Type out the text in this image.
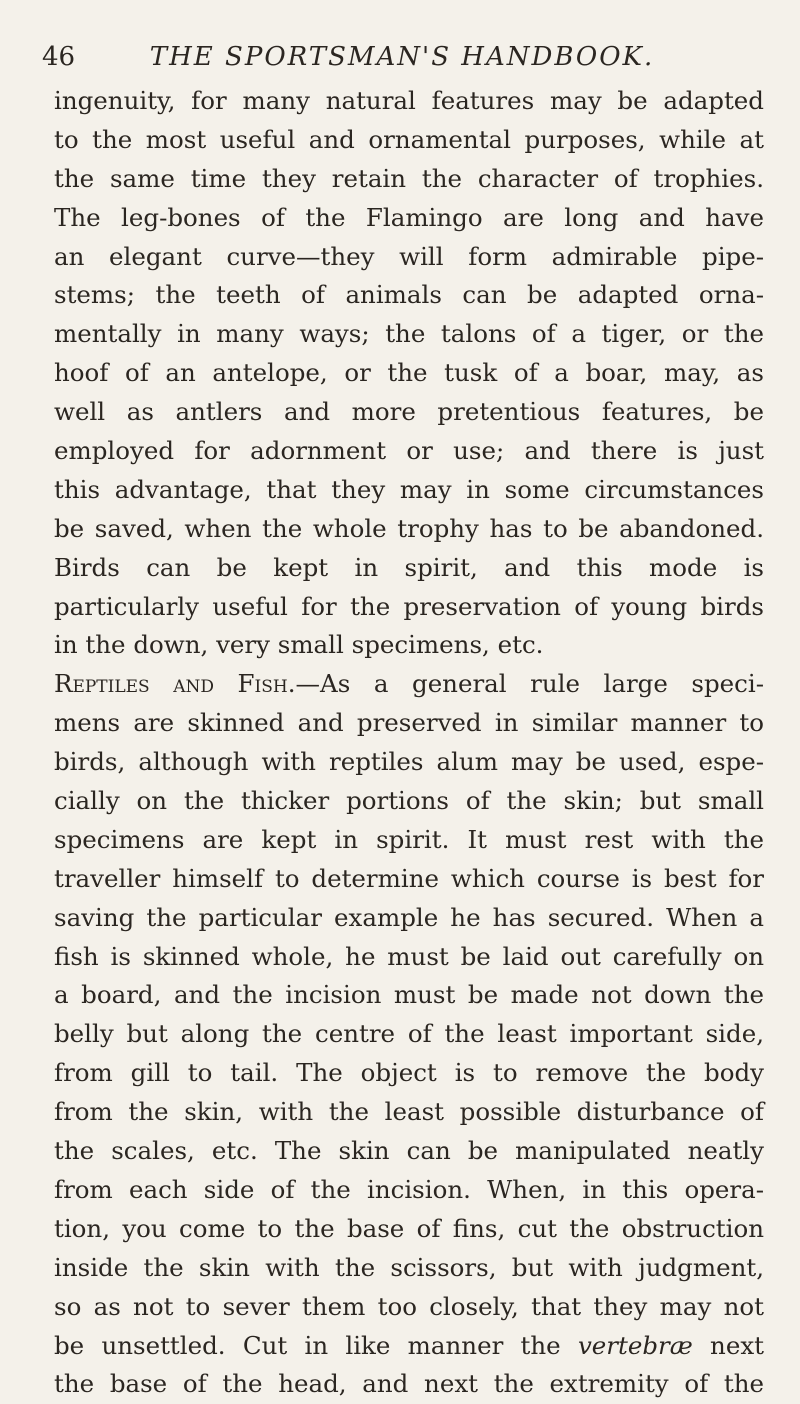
46	THE SPORTSMAN'S HANDBOOK.
ingenuity, for many natural features may be adapted
to the most useful and ornamental purposes, while at
the same time they retain the character of trophies.
The leg-bones of the Flamingo are long and have
an elegant curve—they will form admirable pipe-
stems; the teeth of animals can be adapted orna-
mentally in many ways; the talons of a tiger, or the
hoof of an antelope, or the tusk of a boar, may, as
well as antlers and more pretentious features, be
employed for adornment or use; and there is just
this advantage, that they may in some circumstances
be saved, when the whole trophy has to be abandoned.
Birds can be kept in spirit, and this mode is
particularly useful for the preservation of young birds
in the down, very small specimens, etc.
Reptiles and Fish.—As a general rule large speci-
mens are skinned and preserved in similar manner to
birds, although with reptiles alum may be used, espe-
cially on the thicker portions of the skin; but small
specimens are kept in spirit. It must rest with the
traveller himself to determine which course is best for
saving the particular example he has secured. When a
fish is skinned whole, he must be laid out carefully on
a board, and the incision must be made not down the
belly but along the centre of the least important side,
from gill to tail. The object is to remove the body
from the skin, with the least possible disturbance of
the scales, etc. The skin can be manipulated neatly
from each side of the incision. When, in this opera-
tion, you come to the base of fins, cut the obstruction
inside the skin with the scissors, but with judgment,
so as not to sever them too closely, that they may not
be unsettled. Cut in like manner the vertebræ next
the base of the head, and next the extremity of the
